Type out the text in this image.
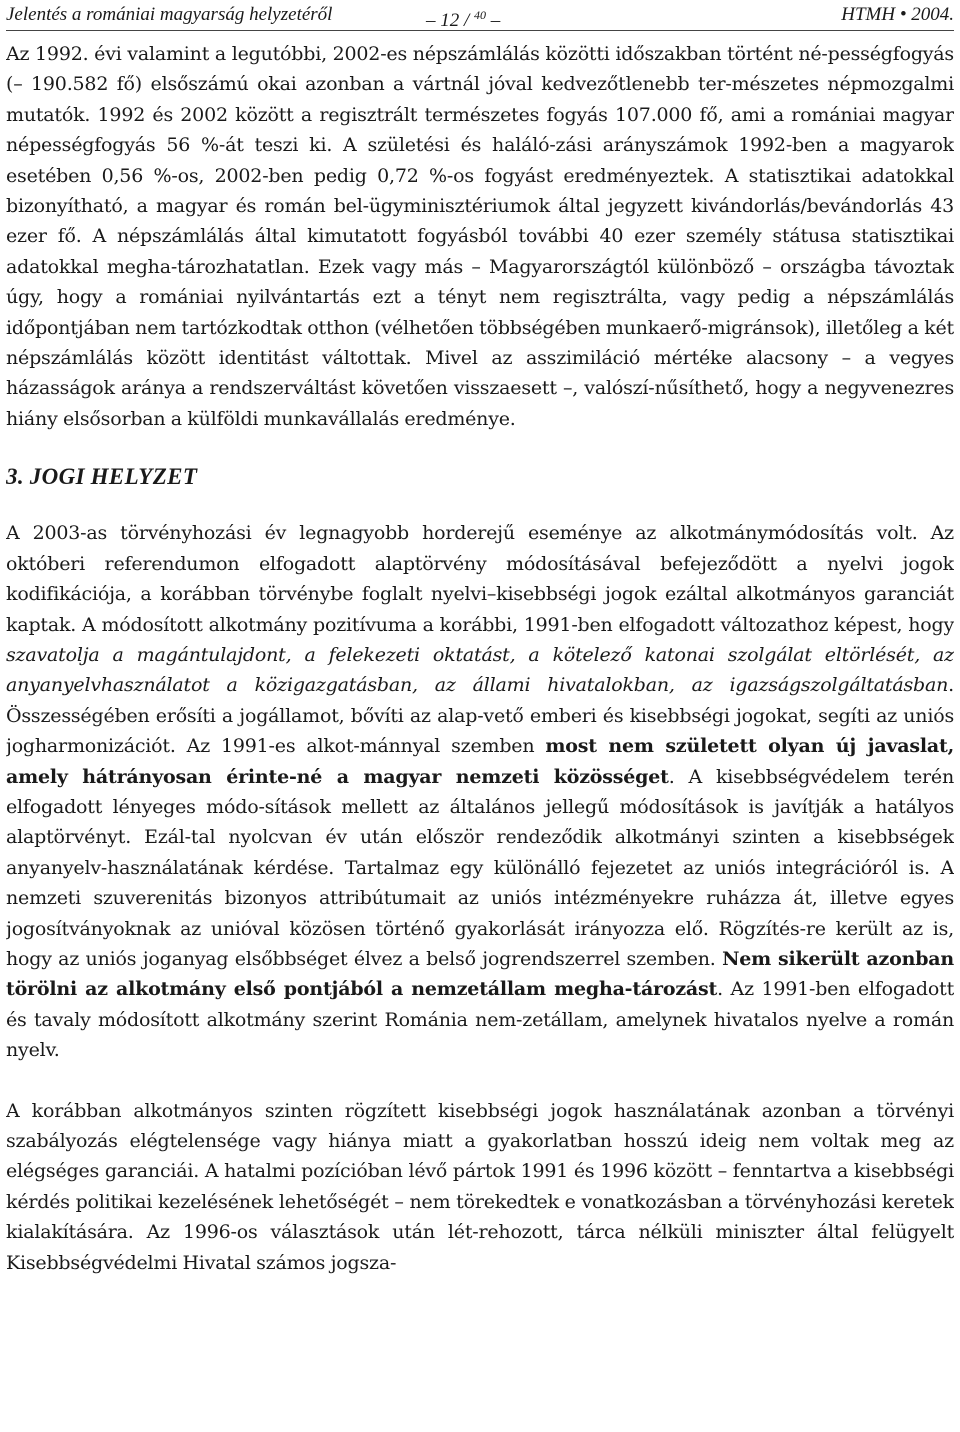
Jelentés a romániai magyarság helyzetéről	– 12 / $^{40}$ –	HTMH • 2004.

Az 1992. évi valamint a legutóbbi, 2002-es népszámlálás közötti időszakban történt né-pességfogyás (– 190.582 fő) elsőszámú okai azonban a vártnál jóval kedvezőtlenebb ter-mészetes népmozgalmi mutatók. 1992 és 2002 között a regisztrált természetes fogyás 107.000 fő, ami a romániai magyar népességfogyás 56 %-át teszi ki. A születési és haláló-zási arányszámok 1992-ben a magyarok esetében 0,56 %-os, 2002-ben pedig 0,72 %-os fogyást eredményeztek. A statisztikai adatokkal bizonyítható, a magyar és román bel-ügyminisztériumok által jegyzett kivándorlás/bevándorlás 43 ezer fő. A népszámlálás által kimutatott fogyásból további 40 ezer személy státusa statisztikai adatokkal megha-tározhatatlan. Ezek vagy más – Magyarországtól különböző – országba távoztak úgy, hogy a romániai nyilvántartás ezt a tényt nem regisztrálta, vagy pedig a népszámlálás időpontjában nem tartózkodtak otthon (vélhetően többségében munkaerő-migránsok), illetőleg a két népszámlálás között identitást váltottak. Mivel az asszimiláció mértéke alacsony – a vegyes házasságok aránya a rendszerváltást követően visszaesett –, valószí-nűsíthető, hogy a negyvenezres hiány elsősorban a külföldi munkavállalás eredménye.

3. JOGI HELYZET

A 2003-as törvényhozási év legnagyobb horderejű eseménye az alkotmánymódosítás volt. Az októberi referendumon elfogadott alaptörvény módosításával befejeződött a nyelvi jogok kodifikációja, a korábban törvénybe foglalt nyelvi–kisebbségi jogok ezáltal alkotmányos garanciát kaptak. A módosított alkotmány pozitívuma a korábbi, 1991-ben elfogadott változathoz képest, hogy szavatolja a magántulajdont, a felekezeti oktatást, a kötelező katonai szolgálat eltörlését, az anyanyelvhasználatot a közigazgatásban, az állami hivatalokban, az igazságszolgáltatásban. Összességében erősíti a jogállamot, bővíti az alap-vető emberi és kisebbségi jogokat, segíti az uniós jogharmonizációt. Az 1991-es alkot-mánnyal szemben most nem született olyan új javaslat, amely hátrányosan érinte-né a magyar nemzeti közösséget. A kisebbségvédelem terén elfogadott lényeges módo-sítások mellett az általános jellegű módosítások is javítják a hatályos alaptörvényt. Ezál-tal nyolcvan év után először rendeződik alkotmányi szinten a kisebbségek anyanyelv-használatának kérdése. Tartalmaz egy különálló fejezetet az uniós integrációról is. A nemzeti szuverenitás bizonyos attribútumait az uniós intézményekre ruházza át, illetve egyes jogosítványoknak az unióval közösen történő gyakorlását irányozza elő. Rögzítés-re került az is, hogy az uniós joganyag elsőbbséget élvez a belső jogrendszerrel szemben. Nem sikerült azonban törölni az alkotmány első pontjából a nemzetállam megha-tározást. Az 1991-ben elfogadott és tavaly módosított alkotmány szerint Románia nem-zetállam, amelynek hivatalos nyelve a román nyelv.

A korábban alkotmányos szinten rögzített kisebbségi jogok használatának azonban a törvényi szabályozás elégtelensége vagy hiánya miatt a gyakorlatban hosszú ideig nem voltak meg az elégséges garanciái. A hatalmi pozícióban lévő pártok 1991 és 1996 között – fenntartva a kisebbségi kérdés politikai kezelésének lehetőségét – nem törekedtek e vonatkozásban a törvényhozási keretek kialakítására. Az 1996-os választások után lét-rehozott, tárca nélküli miniszter által felügyelt Kisebbségvédelmi Hivatal számos jogsza-
